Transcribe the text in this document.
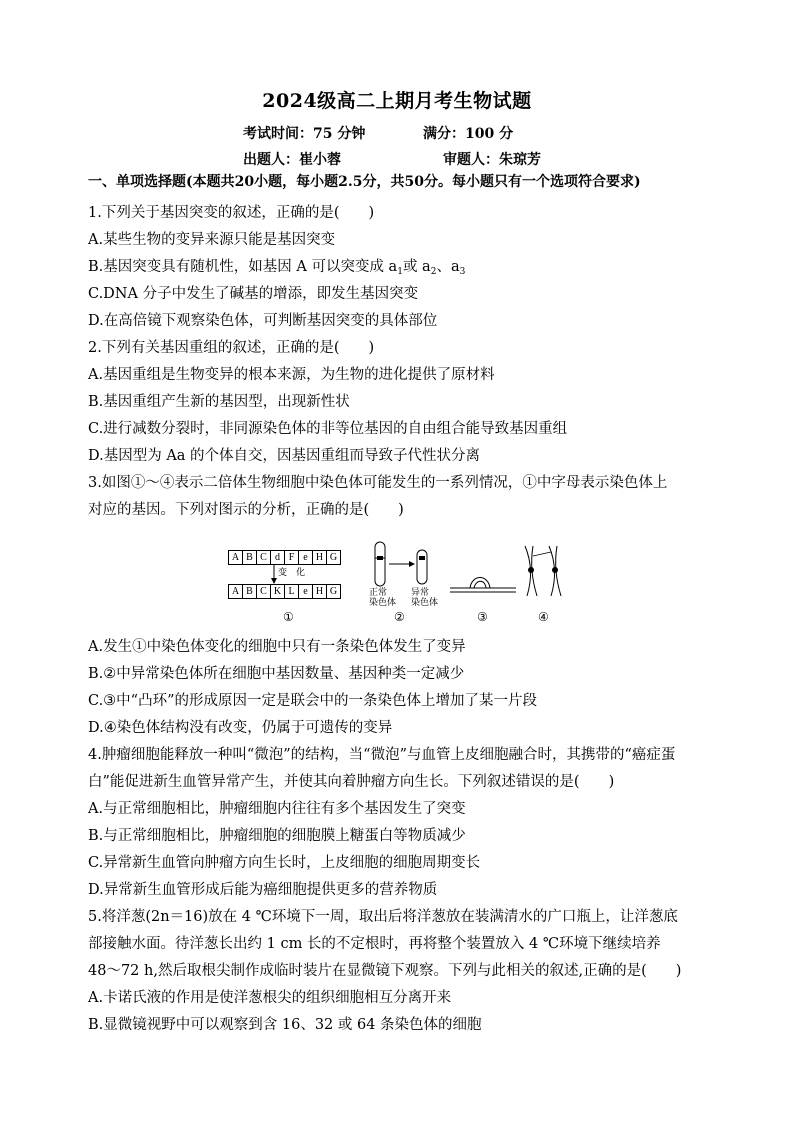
2024级高二上期月考生物试题
考试时间：75 分钟	满分：100 分
出题人：崔小蓉	审题人：朱琼芳
一、单项选择题(本题共20小题，每小题2.5分，共50分。每小题只有一个选项符合要求)
1.下列关于基因突变的叙述，正确的是(　　)
A.某些生物的变异来源只能是基因突变
B.基因突变具有随机性，如基因 A 可以突变成 $a_1$或 $a_2$、$a_3$
C.DNA 分子中发生了碱基的增添，即发生基因突变
D.在高倍镜下观察染色体，可判断基因突变的具体部位
2.下列有关基因重组的叙述，正确的是(　　)
A.基因重组是生物变异的根本来源，为生物的进化提供了原材料
B.基因重组产生新的基因型，出现新性状
C.进行减数分裂时，非同源染色体的非等位基因的自由组合能导致基因重组
D.基因型为 Aa 的个体自交，因基因重组而导致子代性状分离
3.如图①～④表示二倍体生物细胞中染色体可能发生的一系列情况，①中字母表示染色体上
对应的基因。下列对图示的分析，正确的是(　　)
A B C d F e H G
变　化
A B C K L e H G
①
正常
染色体
异常
染色体
②	③	④
A.发生①中染色体变化的细胞中只有一条染色体发生了变异
B.②中异常染色体所在细胞中基因数量、基因种类一定减少
C.③中“凸环”的形成原因一定是联会中的一条染色体上增加了某一片段
D.④染色体结构没有改变，仍属于可遗传的变异
4.肿瘤细胞能释放一种叫“微泡”的结构，当“微泡”与血管上皮细胞融合时，其携带的“癌症蛋
白”能促进新生血管异常产生，并使其向着肿瘤方向生长。下列叙述错误的是(　　)
A.与正常细胞相比，肿瘤细胞内往往有多个基因发生了突变
B.与正常细胞相比，肿瘤细胞的细胞膜上糖蛋白等物质减少
C.异常新生血管向肿瘤方向生长时，上皮细胞的细胞周期变长
D.异常新生血管形成后能为癌细胞提供更多的营养物质
5.将洋葱(2n＝16)放在 4 ℃环境下一周，取出后将洋葱放在装满清水的广口瓶上，让洋葱底
部接触水面。待洋葱长出约 1 cm 长的不定根时，再将整个装置放入 4 ℃环境下继续培养
48～72 h,然后取根尖制作成临时装片在显微镜下观察。下列与此相关的叙述,正确的是(　　)
A.卡诺氏液的作用是使洋葱根尖的组织细胞相互分离开来
B.显微镜视野中可以观察到含 16、32 或 64 条染色体的细胞
